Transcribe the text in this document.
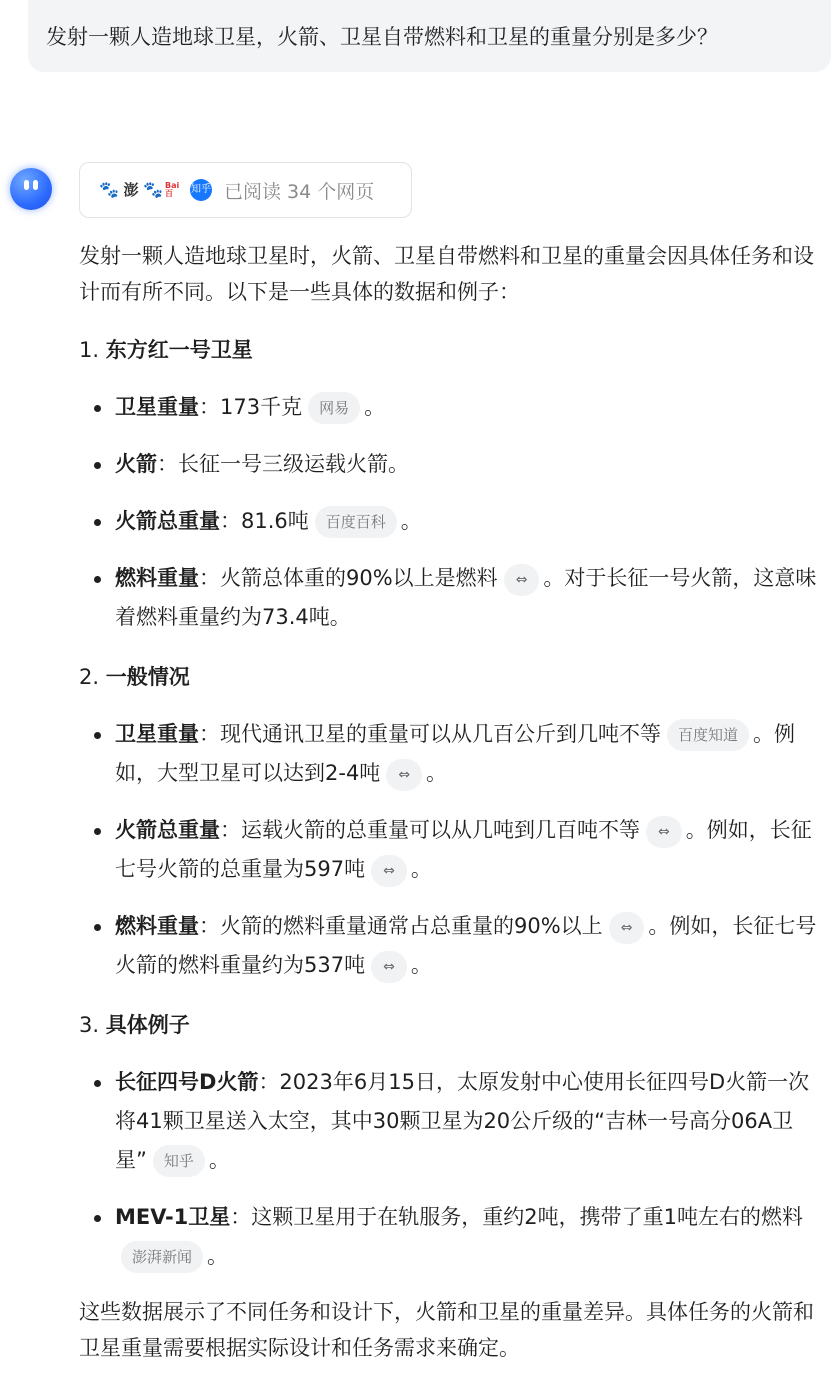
发射一颗人造地球卫星，火箭、卫星自带燃料和卫星的重量分别是多少？
🐾 澎 🐾 Bai百	知乎 已阅读 34 个网页

发射一颗人造地球卫星时，火箭、卫星自带燃料和卫星的重量会因具体任务和设计而有所不同。以下是一些具体的数据和例子：

1. 东方红一号卫星
卫星重量：173千克 网易 。
火箭：长征一号三级运载火箭。
火箭总重量：81.6吨 百度百科 。
燃料重量：火箭总体重的90%以上是燃料 ⇔ 。对于长征一号火箭，这意味着燃料重量约为73.4吨。
2. 一般情况
卫星重量：现代通讯卫星的重量可以从几百公斤到几吨不等 百度知道 。例如，大型卫星可以达到2-4吨 ⇔ 。
火箭总重量：运载火箭的总重量可以从几吨到几百吨不等 ⇔ 。例如，长征七号火箭的总重量为597吨 ⇔ 。
燃料重量：火箭的燃料重量通常占总重量的90%以上 ⇔ 。例如，长征七号火箭的燃料重量约为537吨 ⇔ 。
3. 具体例子
长征四号D火箭：2023年6月15日，太原发射中心使用长征四号D火箭一次将41颗卫星送入太空，其中30颗卫星为20公斤级的“吉林一号高分06A卫星” 知乎 。
MEV-1卫星：这颗卫星用于在轨服务，重约2吨，携带了重1吨左右的燃料澎湃新闻 。

这些数据展示了不同任务和设计下，火箭和卫星的重量差异。具体任务的火箭和卫星重量需要根据实际设计和任务需求来确定。
